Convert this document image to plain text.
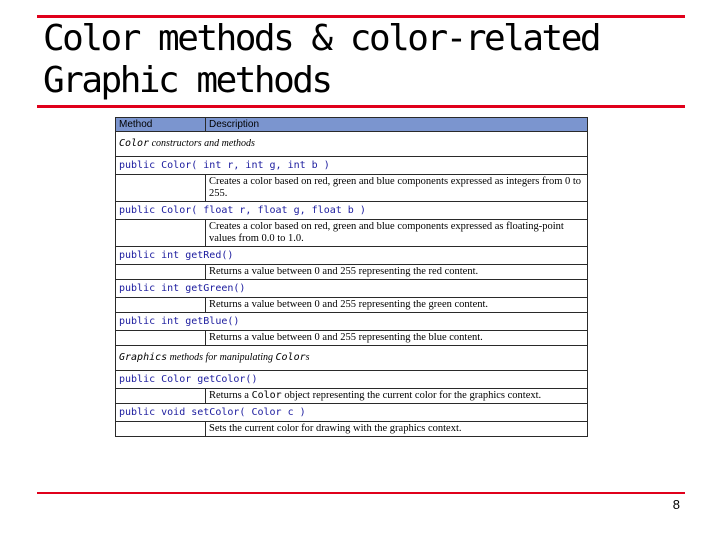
Color methods & color-related
Graphic methods
Method	Description
Color constructors and methods	
public Color( int r, int g, int b )	
	Creates a color based on red, green and blue components expressed as integers from 0 to 255.
public Color( float r, float g, float b )	
	Creates a color based on red, green and blue components expressed as floating-point values from 0.0 to 1.0.
public int getRed()	
	Returns a value between 0 and 255 representing the red content.
public int getGreen()	
	Returns a value between 0 and 255 representing the green content.
public int getBlue()	
	Returns a value between 0 and 255 representing the blue content.
Graphics methods for manipulating Colors	
public Color getColor()	
	Returns a Color object representing the current color for the graphics context.
public void setColor( Color c )	
	Sets the current color for drawing with the graphics context.
8
